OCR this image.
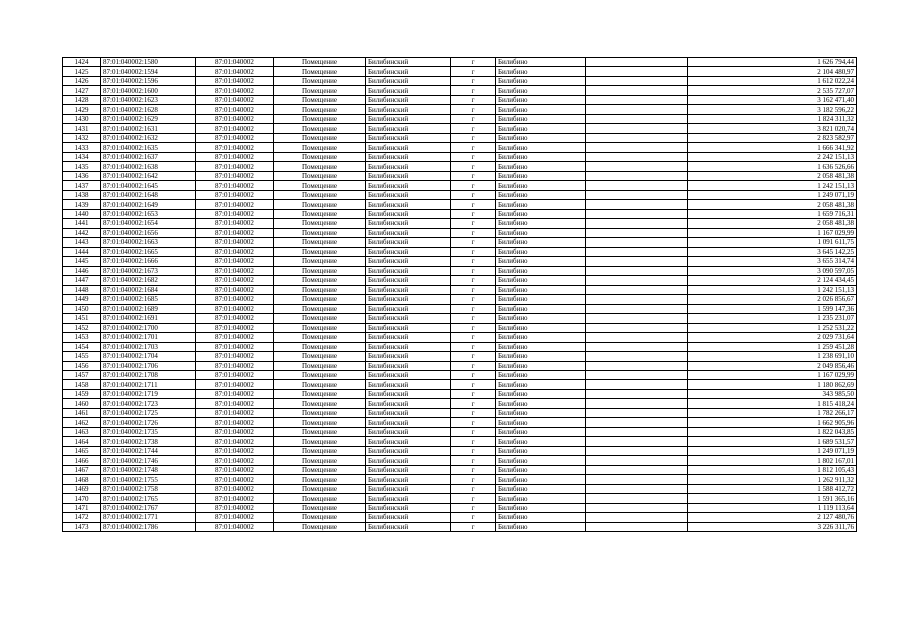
1424	87:01:040002:1580	87:01:040002	Помещение	Билибинский	г	Билибино		1 626 794,44
1425	87:01:040002:1594	87:01:040002	Помещение	Билибинский	г	Билибино		2 104 480,97
1426	87:01:040002:1596	87:01:040002	Помещение	Билибинский	г	Билибино		1 612 022,24
1427	87:01:040002:1600	87:01:040002	Помещение	Билибинский	г	Билибино		2 535 727,07
1428	87:01:040002:1623	87:01:040002	Помещение	Билибинский	г	Билибино		3 162 471,40
1429	87:01:040002:1628	87:01:040002	Помещение	Билибинский	г	Билибино		3 182 596,22
1430	87:01:040002:1629	87:01:040002	Помещение	Билибинский	г	Билибино		1 824 311,32
1431	87:01:040002:1631	87:01:040002	Помещение	Билибинский	г	Билибино		3 821 020,74
1432	87:01:040002:1632	87:01:040002	Помещение	Билибинский	г	Билибино		2 823 582,97
1433	87:01:040002:1635	87:01:040002	Помещение	Билибинский	г	Билибино		1 666 341,92
1434	87:01:040002:1637	87:01:040002	Помещение	Билибинский	г	Билибино		2 242 151,13
1435	87:01:040002:1638	87:01:040002	Помещение	Билибинский	г	Билибино		1 636 526,66
1436	87:01:040002:1642	87:01:040002	Помещение	Билибинский	г	Билибино		2 058 481,38
1437	87:01:040002:1645	87:01:040002	Помещение	Билибинский	г	Билибино		1 242 151,13
1438	87:01:040002:1648	87:01:040002	Помещение	Билибинский	г	Билибино		1 249 071,19
1439	87:01:040002:1649	87:01:040002	Помещение	Билибинский	г	Билибино		2 058 481,38
1440	87:01:040002:1653	87:01:040002	Помещение	Билибинский	г	Билибино		1 659 716,31
1441	87:01:040002:1654	87:01:040002	Помещение	Билибинский	г	Билибино		2 058 481,38
1442	87:01:040002:1656	87:01:040002	Помещение	Билибинский	г	Билибино		1 167 029,99
1443	87:01:040002:1663	87:01:040002	Помещение	Билибинский	г	Билибино		1 091 611,75
1444	87:01:040002:1665	87:01:040002	Помещение	Билибинский	г	Билибино		3 645 142,25
1445	87:01:040002:1666	87:01:040002	Помещение	Билибинский	г	Билибино		3 655 314,74
1446	87:01:040002:1673	87:01:040002	Помещение	Билибинский	г	Билибино		3 090 597,05
1447	87:01:040002:1682	87:01:040002	Помещение	Билибинский	г	Билибино		2 124 434,45
1448	87:01:040002:1684	87:01:040002	Помещение	Билибинский	г	Билибино		1 242 151,13
1449	87:01:040002:1685	87:01:040002	Помещение	Билибинский	г	Билибино		2 026 856,67
1450	87:01:040002:1689	87:01:040002	Помещение	Билибинский	г	Билибино		1 599 147,36
1451	87:01:040002:1691	87:01:040002	Помещение	Билибинский	г	Билибино		1 235 231,07
1452	87:01:040002:1700	87:01:040002	Помещение	Билибинский	г	Билибино		1 252 531,22
1453	87:01:040002:1701	87:01:040002	Помещение	Билибинский	г	Билибино		2 029 731,64
1454	87:01:040002:1703	87:01:040002	Помещение	Билибинский	г	Билибино		1 259 451,28
1455	87:01:040002:1704	87:01:040002	Помещение	Билибинский	г	Билибино		1 238 691,10
1456	87:01:040002:1706	87:01:040002	Помещение	Билибинский	г	Билибино		2 049 856,46
1457	87:01:040002:1708	87:01:040002	Помещение	Билибинский	г	Билибино		1 167 029,99
1458	87:01:040002:1711	87:01:040002	Помещение	Билибинский	г	Билибино		1 180 862,69
1459	87:01:040002:1719	87:01:040002	Помещение	Билибинский	г	Билибино		343 985,50
1460	87:01:040002:1723	87:01:040002	Помещение	Билибинский	г	Билибино		1 815 418,24
1461	87:01:040002:1725	87:01:040002	Помещение	Билибинский	г	Билибино		1 782 266,17
1462	87:01:040002:1726	87:01:040002	Помещение	Билибинский	г	Билибино		1 662 905,96
1463	87:01:040002:1735	87:01:040002	Помещение	Билибинский	г	Билибино		1 822 043,85
1464	87:01:040002:1738	87:01:040002	Помещение	Билибинский	г	Билибино		1 689 531,57
1465	87:01:040002:1744	87:01:040002	Помещение	Билибинский	г	Билибино		1 249 071,19
1466	87:01:040002:1746	87:01:040002	Помещение	Билибинский	г	Билибино		1 802 167,01
1467	87:01:040002:1748	87:01:040002	Помещение	Билибинский	г	Билибино		1 812 105,43
1468	87:01:040002:1755	87:01:040002	Помещение	Билибинский	г	Билибино		1 262 911,32
1469	87:01:040002:1758	87:01:040002	Помещение	Билибинский	г	Билибино		1 588 412,72
1470	87:01:040002:1765	87:01:040002	Помещение	Билибинский	г	Билибино		1 591 365,16
1471	87:01:040002:1767	87:01:040002	Помещение	Билибинский	г	Билибино		1 119 113,64
1472	87:01:040002:1771	87:01:040002	Помещение	Билибинский	г	Билибино		2 127 480,76
1473	87:01:040002:1786	87:01:040002	Помещение	Билибинский	г	Билибино		3 226 311,76
